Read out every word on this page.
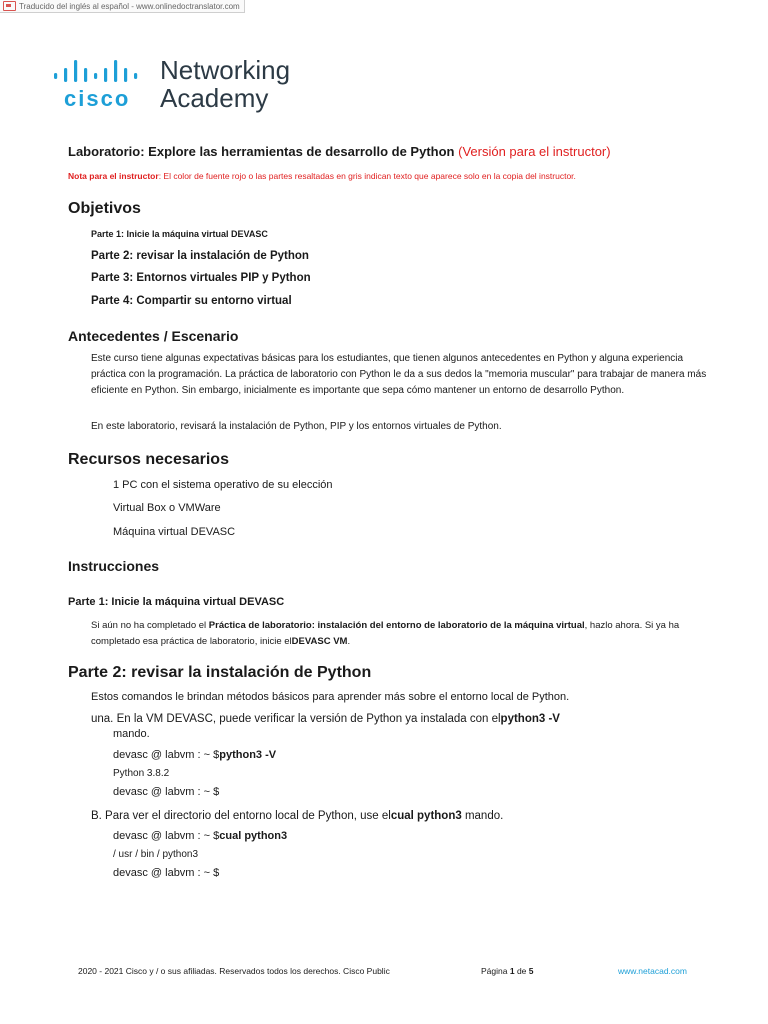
Traducido del inglés al español - www.onlinedoctranslator.com
cisco
Networking
Academy
Laboratorio: Explore las herramientas de desarrollo de Python (Versión para el instructor)
Nota para el instructor: El color de fuente rojo o las partes resaltadas en gris indican texto que aparece solo en la copia del instructor.
Objetivos
Parte 1: Inicie la máquina virtual DEVASC
Parte 2: revisar la instalación de Python
Parte 3: Entornos virtuales PIP y Python
Parte 4: Compartir su entorno virtual
Antecedentes / Escenario
Este curso tiene algunas expectativas básicas para los estudiantes, que tienen algunos antecedentes en Python y alguna experiencia práctica con la programación. La práctica de laboratorio con Python le da a sus dedos la "memoria muscular" para trabajar de manera más eficiente en Python. Sin embargo, inicialmente es importante que sepa cómo mantener un entorno de desarrollo Python.
En este laboratorio, revisará la instalación de Python, PIP y los entornos virtuales de Python.
Recursos necesarios
1 PC con el sistema operativo de su elección
Virtual Box o VMWare
Máquina virtual DEVASC
Instrucciones
Parte 1: Inicie la máquina virtual DEVASC
Si aún no ha completado el Práctica de laboratorio: instalación del entorno de laboratorio de la máquina virtual, hazlo ahora. Si ya ha
completado esa práctica de laboratorio, inicie elDEVASC VM.
Parte 2: revisar la instalación de Python
Estos comandos le brindan métodos básicos para aprender más sobre el entorno local de Python.
una. En la VM DEVASC, puede verificar la versión de Python ya instalada con elpython3 -V
mando.
devasc @ labvm : ~ $python3 -V
Python 3.8.2
devasc @ labvm : ~ $
B. Para ver el directorio del entorno local de Python, use elcual python3 mando.
devasc @ labvm : ~ $cual python3
/ usr / bin / python3
devasc @ labvm : ~ $
2020 - 2021 Cisco y / o sus afiliadas. Reservados todos los derechos. Cisco Public	Página 1 de 5	www.netacad.com
